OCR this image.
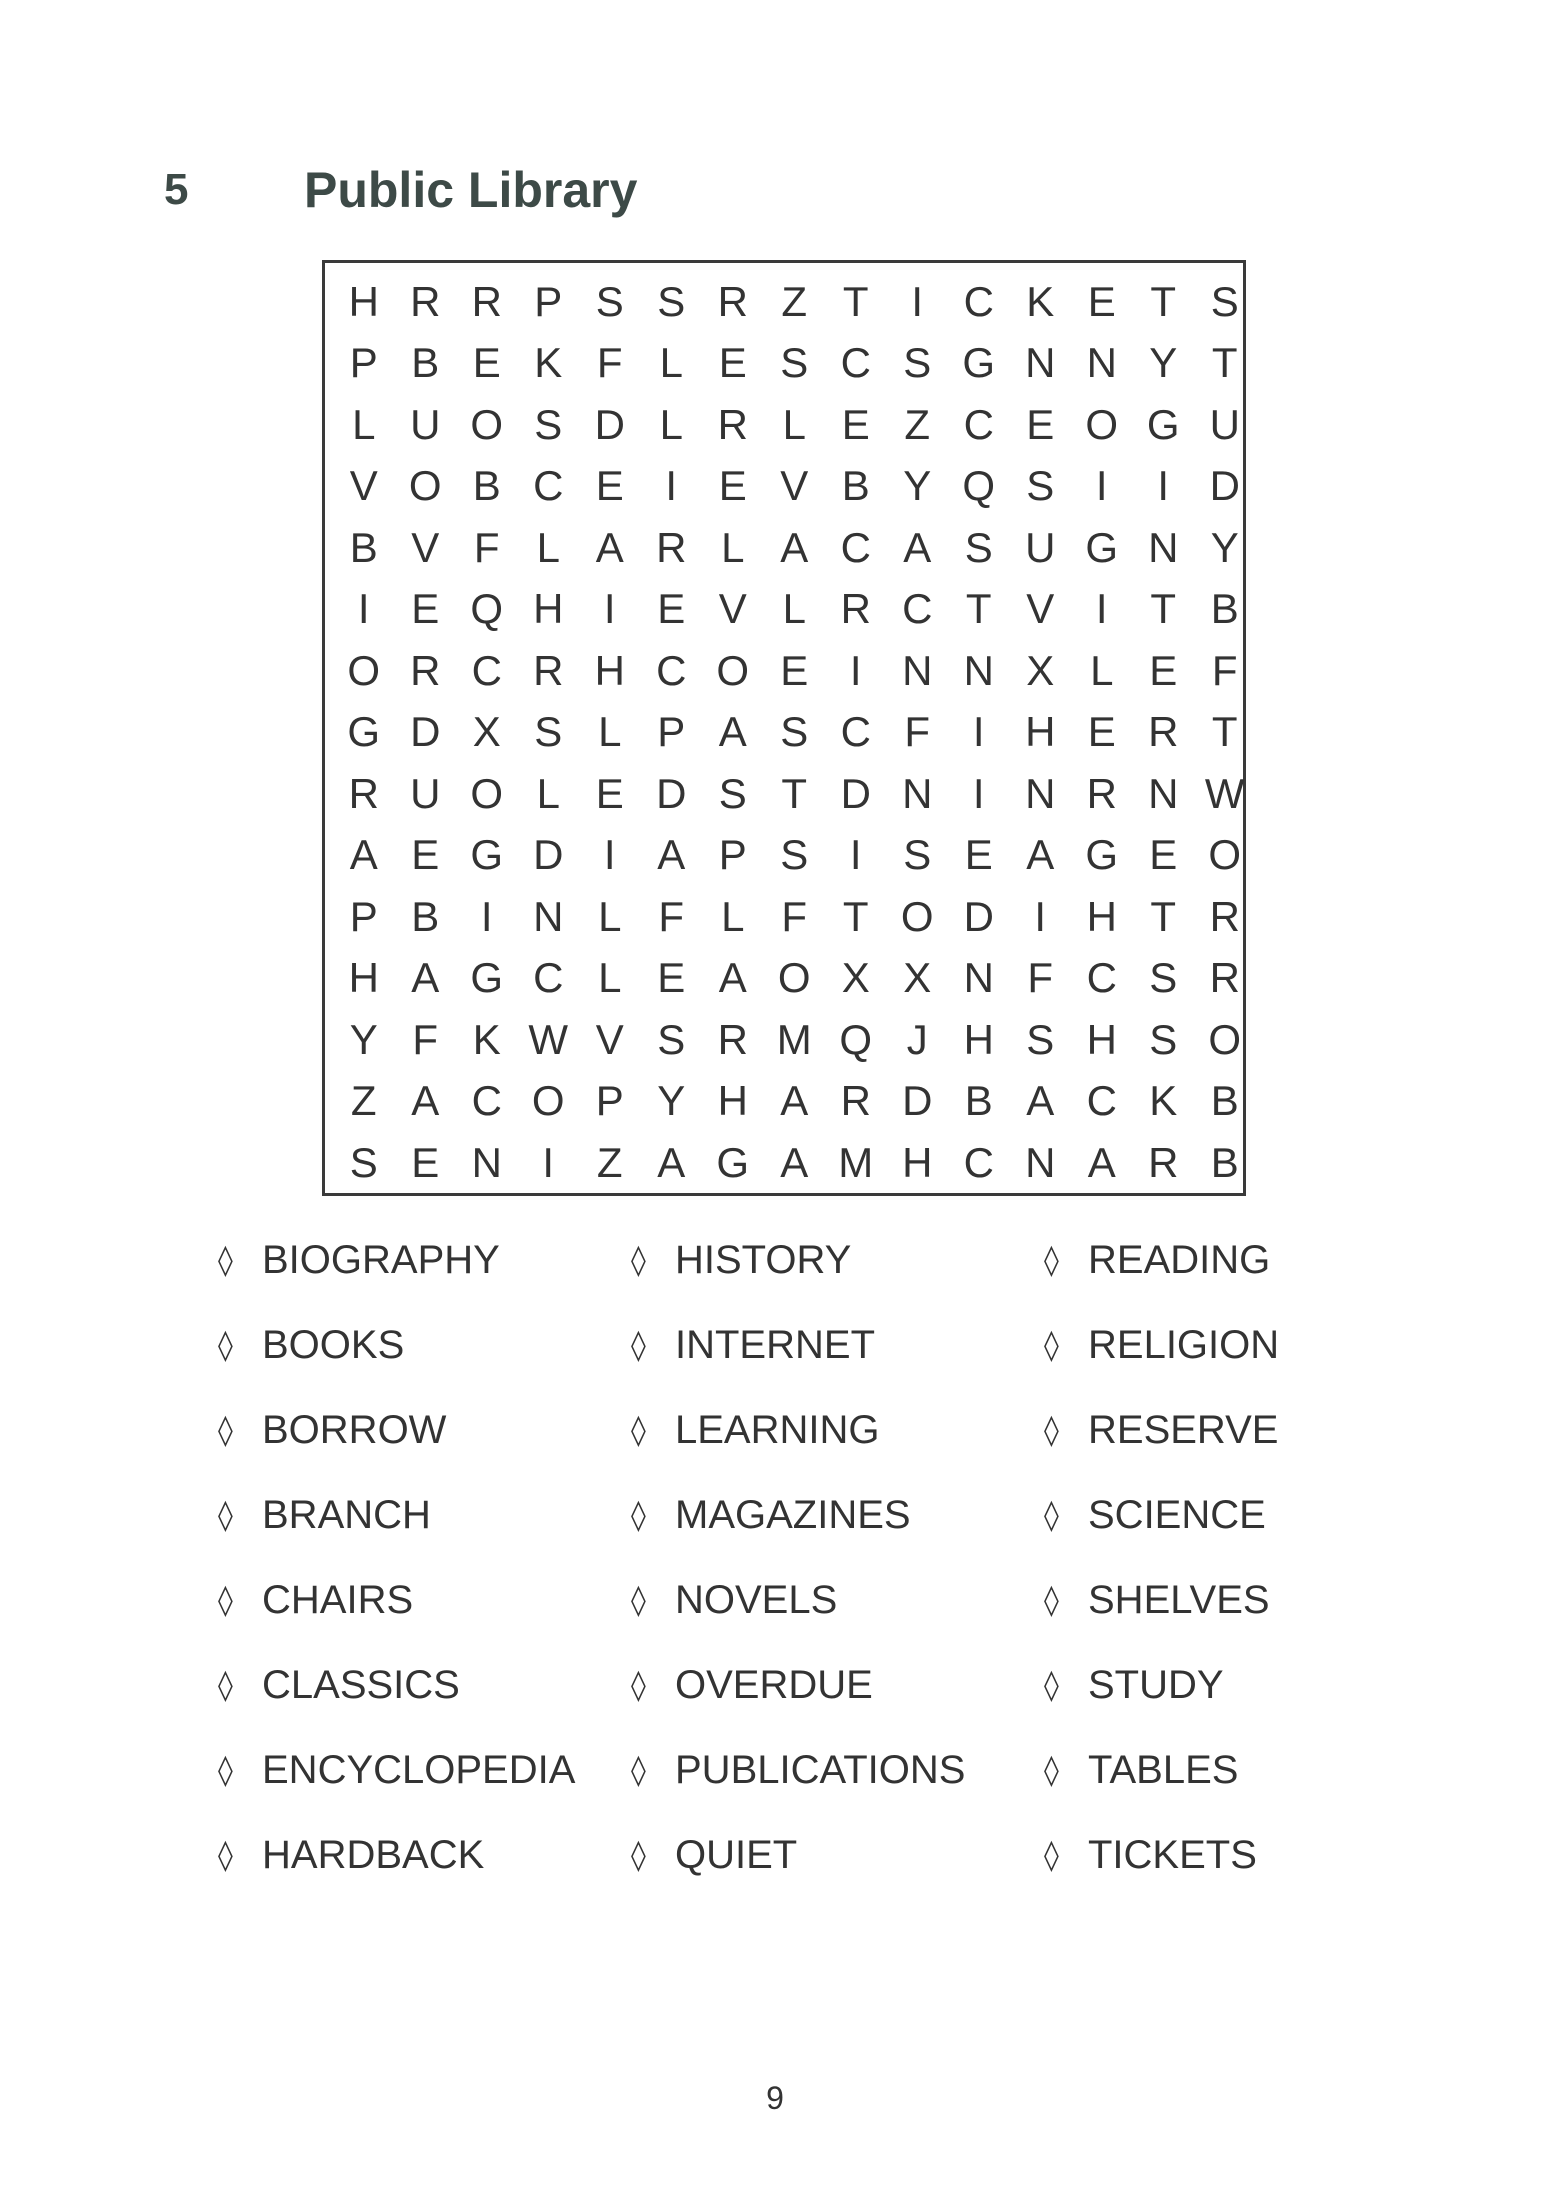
5 Public Library
H R R P S S R Z T	I C K E T S
P B E K F L E S C S G N N Y T
L U O S D L R L E Z C E O G U
V O B C E I E V B Y Q S I	I D
B V F L A R L A C A S U G N Y
I E Q H I E V L R C T V I	T B
O R C R H C O E I N N X L E F
G D X S L P A S C F	I H E R T
R U O L E D S T D N I N R N W
A E G D I A P S I S E A G E O
P B I N L F L F T O D I H T R
H A G C L E A O X X N F C S R
Y F K W V S R M Q J H S H S O
Z A C O P Y H A R D B A C K B
S E N I	Z A G A M H C N A R B
◊ BIOGRAPHY
◊ BOOKS
◊ BORROW
◊ BRANCH
◊ CHAIRS
◊ CLASSICS
◊ ENCYCLOPEDIA
◊ HARDBACK
◊ HISTORY
◊ INTERNET
◊ LEARNING
◊ MAGAZINES
◊ NOVELS
◊ OVERDUE
◊ PUBLICATIONS
◊ QUIET
◊ READING
◊ RELIGION
◊ RESERVE
◊ SCIENCE
◊ SHELVES
◊ STUDY
◊ TABLES
◊ TICKETS
9
